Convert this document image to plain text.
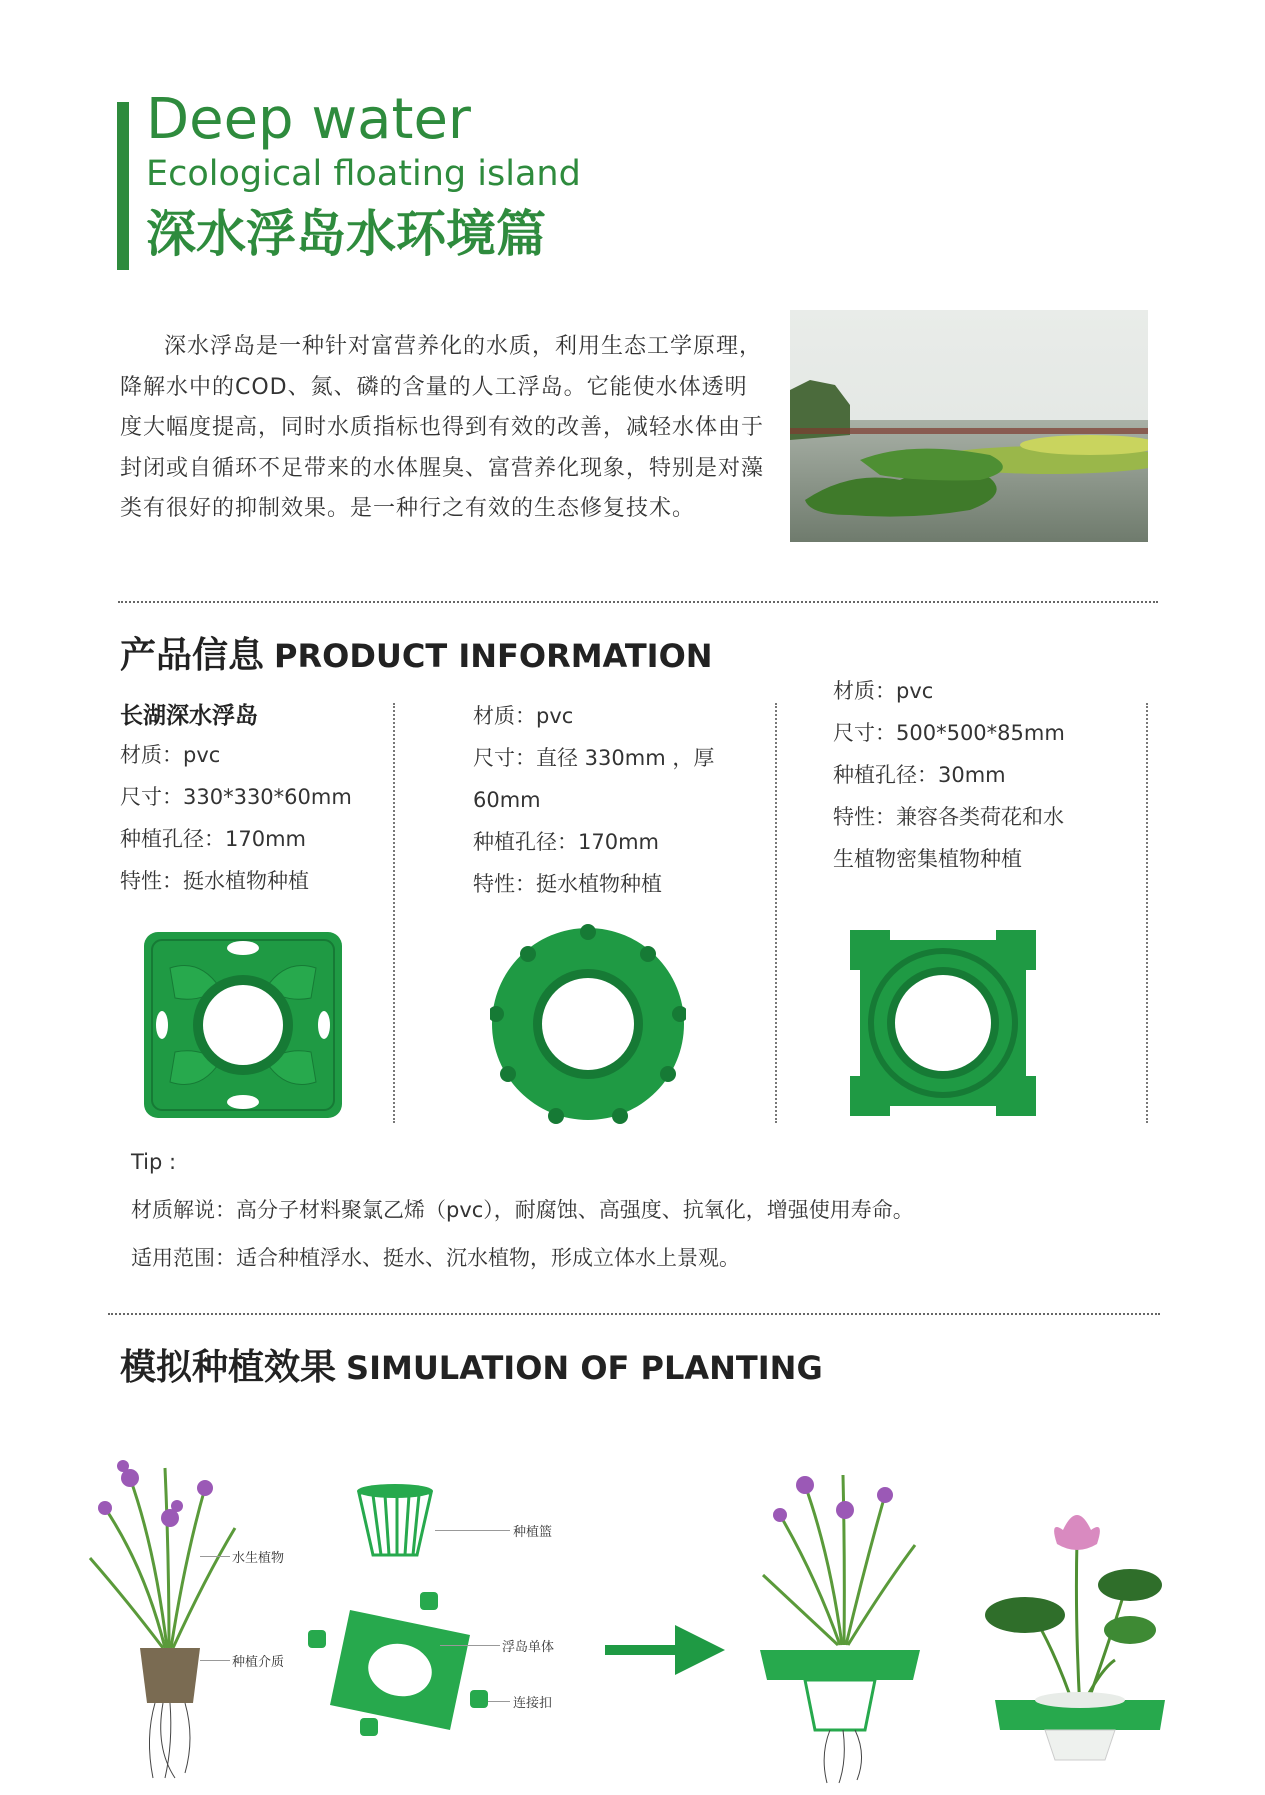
Deep water
Ecological floating island
深水浮岛水环境篇
深水浮岛是一种针对富营养化的水质，利用生态工学原理，降解水中的COD、氮、磷的含量的人工浮岛。它能使水体透明度大幅度提高，同时水质指标也得到有效的改善，减轻水体由于封闭或自循环不足带来的水体腥臭、富营养化现象，特别是对藻类有很好的抑制效果。是一种行之有效的生态修复技术。
产品信息 PRODUCT INFORMATION
长湖深水浮岛
材质：pvc
尺寸：330*330*60mm
种植孔径：170mm
特性：挺水植物种植
材质：pvc
尺寸：直径 330mm ，厚
60mm
种植孔径：170mm
特性：挺水植物种植
材质：pvc
尺寸：500*500*85mm
种植孔径：30mm
特性：兼容各类荷花和水
生植物密集植物种植
Tip :
材质解说：高分子材料聚氯乙烯（pvc），耐腐蚀、高强度、抗氧化，增强使用寿命。
适用范围：适合种植浮水、挺水、沉水植物，形成立体水上景观。
模拟种植效果 SIMULATION OF PLANTING
水生植物
种植介质
种植篮
浮岛单体
连接扣
